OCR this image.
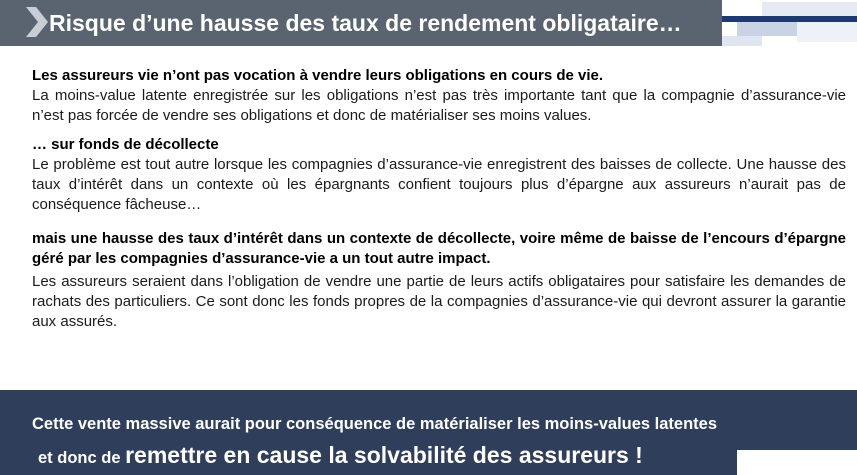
Risque d’une hausse des taux de rendement obligataire…

Les assureurs vie n’ont pas vocation à vendre leurs obligations en cours de vie.

La moins-value latente enregistrée sur les obligations n’est pas très importante tant que la compagnie d’assurance-vie n’est pas forcée de vendre ses obligations et donc de matérialiser ses moins values.

… sur fonds de décollecte

Le problème est tout autre lorsque les compagnies d’assurance-vie enregistrent des baisses de collecte. Une hausse des taux d’intérêt dans un contexte où les épargnants confient toujours plus d’épargne aux assureurs n’aurait pas de conséquence fâcheuse…

mais une hausse des taux d’intérêt dans un contexte de décollecte, voire même de baisse de l’encours d’épargne géré par les compagnies d’assurance-vie a un tout autre impact.

Les assureurs seraient dans l’obligation de vendre une partie de leurs actifs obligataires pour satisfaire les demandes de rachats des particuliers. Ce sont donc les fonds propres de la compagnies d’assurance-vie qui devront assurer la garantie aux assurés.

Cette vente massive aurait pour conséquence de matérialiser les moins-values latentes
et donc de remettre en cause la solvabilité des assureurs !
